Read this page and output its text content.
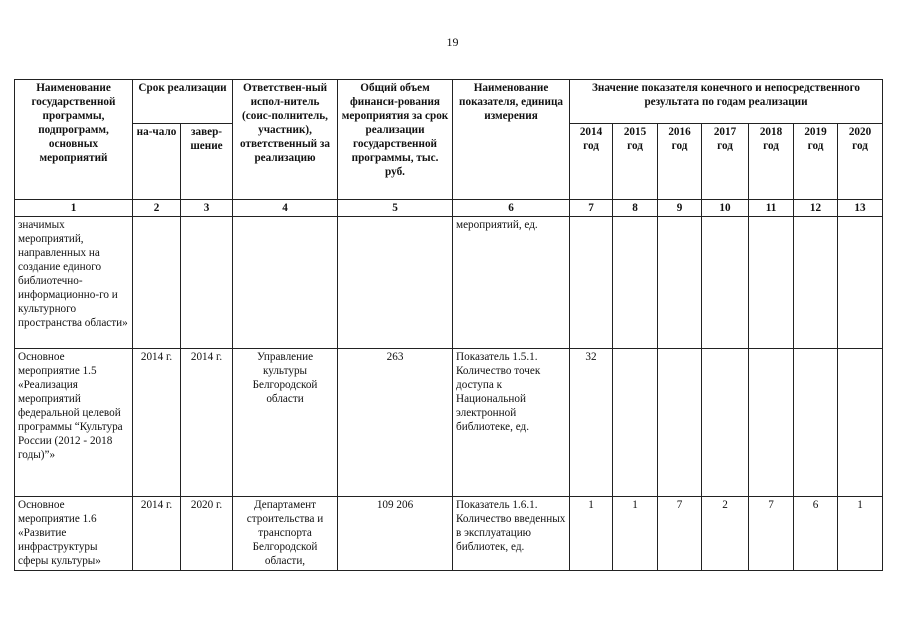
19
Наименование государственной программы, подпрограмм, основных мероприятий	Срок реализации		Ответствен-ный испол-нитель (соис-полнитель, участник), ответственный за реализацию	Общий объем финанси-рования мероприятия за срок реализации государственной программы, тыс. руб.	Наименование показателя, единица измерения	Значение показателя конечного и непосредственного результата по годам реализации						
	на-чало	завер-шение				2014 год	2015 год	2016 год	2017 год	2018 год	2019 год	2020 год
1	2	3	4	5	6	7	8	9	10	11	12	13
значимых мероприятий, направленных на создание единого библиотечно-информационно-го и культурного пространства области»					мероприятий, ед.							
Основное мероприятие 1.5 «Реализация мероприятий федеральной целевой программы “Культура России (2012 - 2018 годы)”»	2014 г.	2014 г.	Управление культуры Белгородской области	263	Показатель 1.5.1. Количество точек доступа к Национальной электронной библиотеке, ед.	32						
Основное мероприятие 1.6 «Развитие инфраструктуры сферы культуры»	2014 г.	2020 г.	Департамент строительства и транспорта Белгородской области,	109 206	Показатель 1.6.1. Количество введенных в эксплуатацию библиотек, ед.	1	1	7	2	7	6	1
